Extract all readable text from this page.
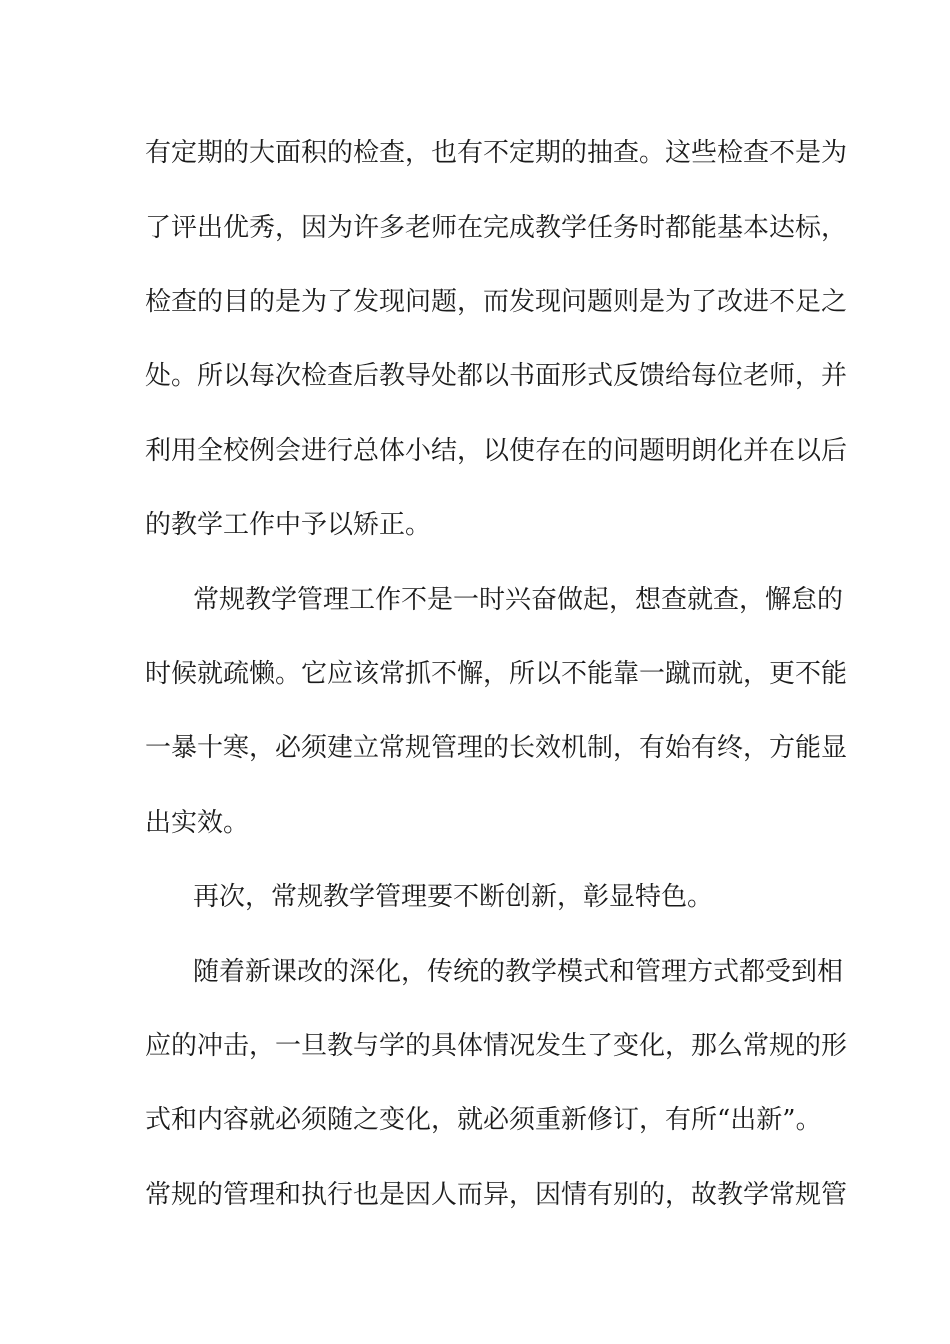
有定期的大面积的检查，也有不定期的抽查。这些检查不是为
了评出优秀，因为许多老师在完成教学任务时都能基本达标，
检查的目的是为了发现问题，而发现问题则是为了改进不足之
处。所以每次检查后教导处都以书面形式反馈给每位老师，并
利用全校例会进行总体小结，以使存在的问题明朗化并在以后
的教学工作中予以矫正。
常规教学管理工作不是一时兴奋做起，想查就查，懈怠的
时候就疏懒。它应该常抓不懈，所以不能靠一蹴而就，更不能
一暴十寒，必须建立常规管理的长效机制，有始有终，方能显
出实效。
再次，常规教学管理要不断创新，彰显特色。
随着新课改的深化，传统的教学模式和管理方式都受到相
应的冲击，一旦教与学的具体情况发生了变化，那么常规的形
式和内容就必须随之变化，就必须重新修订，有所“出新”。
常规的管理和执行也是因人而异，因情有别的，故教学常规管
